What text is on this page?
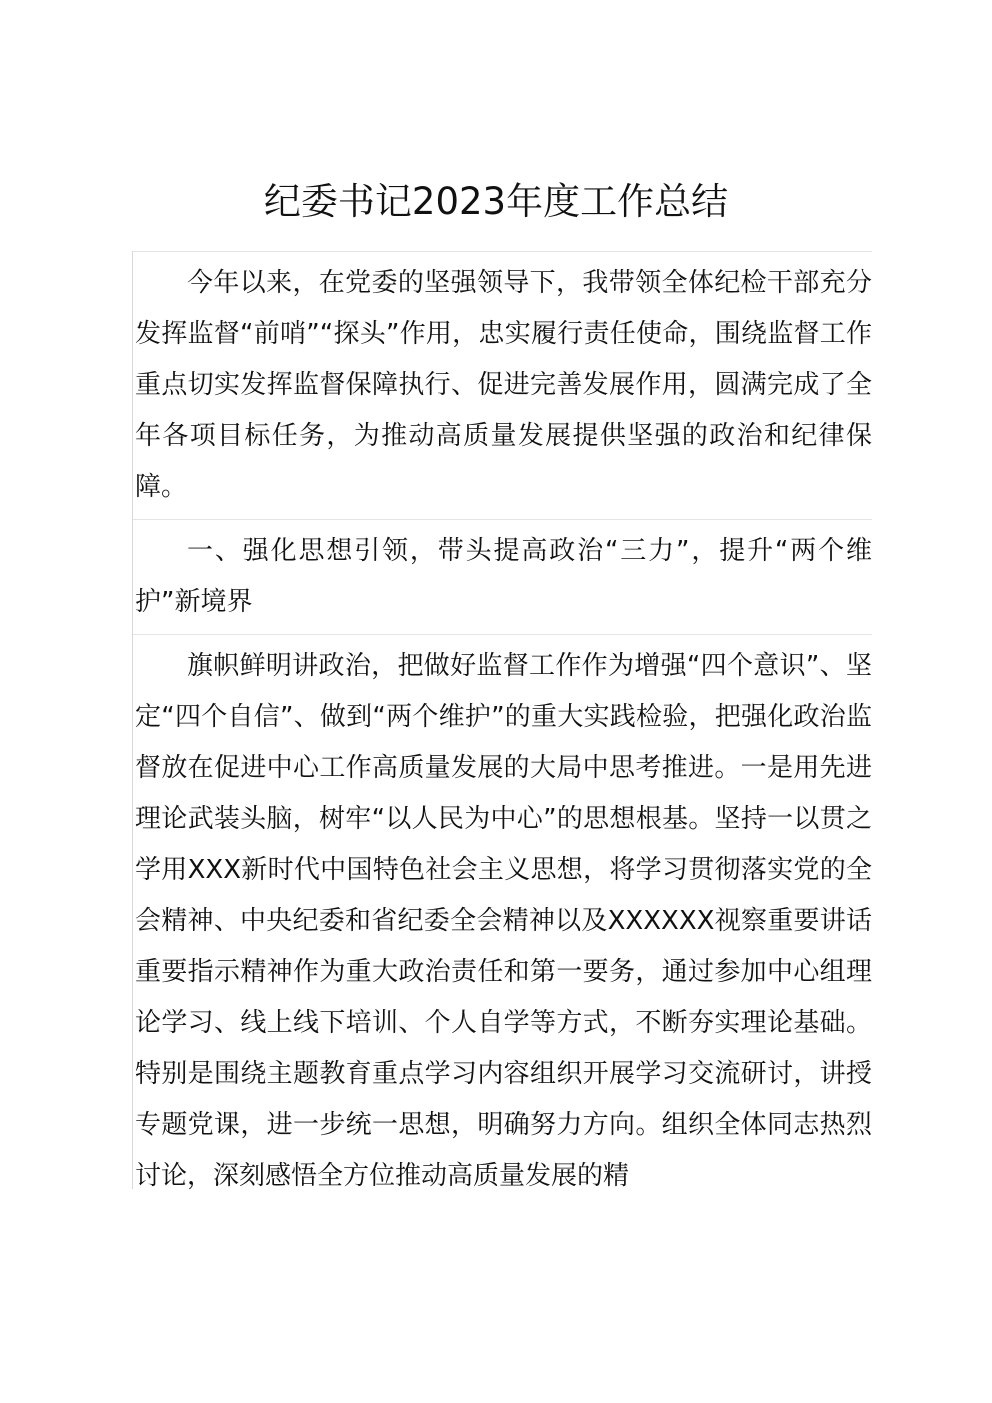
纪委书记2023年度工作总结

今年以来，在党委的坚强领导下，我带领全体纪检干部充分发挥监督“前哨”“探头”作用，忠实履行责任使命，围绕监督工作重点切实发挥监督保障执行、促进完善发展作用，圆满完成了全年各项目标任务，为推动高质量发展提供坚强的政治和纪律保障。

一、强化思想引领，带头提高政治“三力”，提升“两个维护”新境界

旗帜鲜明讲政治，把做好监督工作作为增强“四个意识”、坚定“四个自信”、做到“两个维护”的重大实践检验，把强化政治监督放在促进中心工作高质量发展的大局中思考推进。一是用先进理论武装头脑，树牢“以人民为中心”的思想根基。坚持一以贯之学用XXX新时代中国特色社会主义思想，将学习贯彻落实党的全会精神、中央纪委和省纪委全会精神以及XXXXXX视察重要讲话重要指示精神作为重大政治责任和第一要务，通过参加中心组理论学习、线上线下培训、个人自学等方式，不断夯实理论基础。特别是围绕主题教育重点学习内容组织开展学习交流研讨，讲授专题党课，进一步统一思想，明确努力方向。组织全体同志热烈讨论，深刻感悟全方位推动高质量发展的精
